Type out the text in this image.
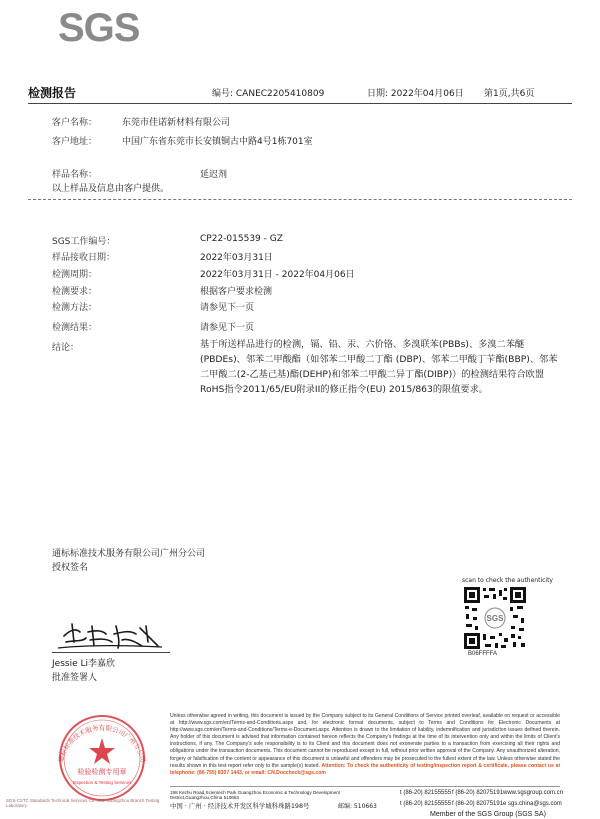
SGS
检测报告	编号: CANEC2205410809	日期: 2022年04月06日 第1页,共6页
客户名称：	东莞市佳诺新材料有限公司
客户地址：	中国广东省东莞市长安镇铜古中路4号1栋701室
样品名称：	延迟剂
以上样品及信息由客户提供。
SGS工作编号：	CP22-015539 - GZ
样品接收日期：	2022年03月31日
检测周期：	2022年03月31日 - 2022年04月06日
检测要求：	根据客户要求检测
检测方法：	请参见下一页
检测结果：	请参见下一页
结论：	基于所送样品进行的检测，镉、铅、汞、六价铬、多溴联苯(PBBs)、多溴二苯醚(PBDEs)、邻苯二甲酸酯（如邻苯二甲酸二丁酯 (DBP)、邻苯二甲酸丁苄酯(BBP)、邻苯二甲酸二(2-乙基己基)酯(DEHP)和邻苯二甲酸二异丁酯(DIBP)）的检测结果符合欧盟RoHS指令2011/65/EU附录II的修正指令(EU) 2015/863的限值要求。
通标标准技术服务有限公司广州分公司
授权签名
Jessie Li李嘉欣
批准签署人
scan to check the authenticity
SGS
B06FFFFA
通标标准技术服务有限公司广州分公司
检验检测专用章
Inspection & Testing Services
SGS-CSTC Standards Technical Services Co., Ltd. Guangzhou Branch Testing Laboratory
Unless otherwise agreed in writing, this document is issued by the Company subject to its General Conditions of Service printed overleaf, available on request or accessible at http://www.sgs.com/en/Terms-and-Conditions.aspx and, for electronic format documents, subject to Terms and Conditions for Electronic Documents at http://www.sgs.com/en/Terms-and-Conditions/Terms-e-Document.aspx. Attention is drawn to the limitation of liability, indemnification and jurisdiction issues defined therein. Any holder of this document is advised that information contained hereon reflects the Company's findings at the time of its intervention only and within the limits of Client's instructions, if any. The Company's sole responsibility is to its Client and this document does not exonerate parties to a transaction from exercising all their rights and obligations under the transaction documents. This document cannot be reproduced except in full, without prior written approval of the Company. Any unauthorized alteration, forgery or falsification of the content or appearance of this document is unlawful and offenders may be prosecuted to the fullest extent of the law. Unless otherwise stated the results shown in this test report refer only to the sample(s) tested. Attention: To check the authenticity of testing/inspection report & certificate, please contact us at telephone: (86-755) 8307 1443, or email: CN.Doccheck@sgs.com
198 Kezhu Road,Scientech Park Guangzhou Economic & Technology Development District,Guangzhou,China 510663
t (86-20) 82155555 f (86-20) 82075191 www.sgsgroup.com.cn
中国 · 广州 · 经济技术开发区科学城科珠路198号	邮编: 510663	t (86-20) 82155555 f (86-20) 82075191 e sgs.china@sgs.com
Member of the SGS Group (SGS SA)
